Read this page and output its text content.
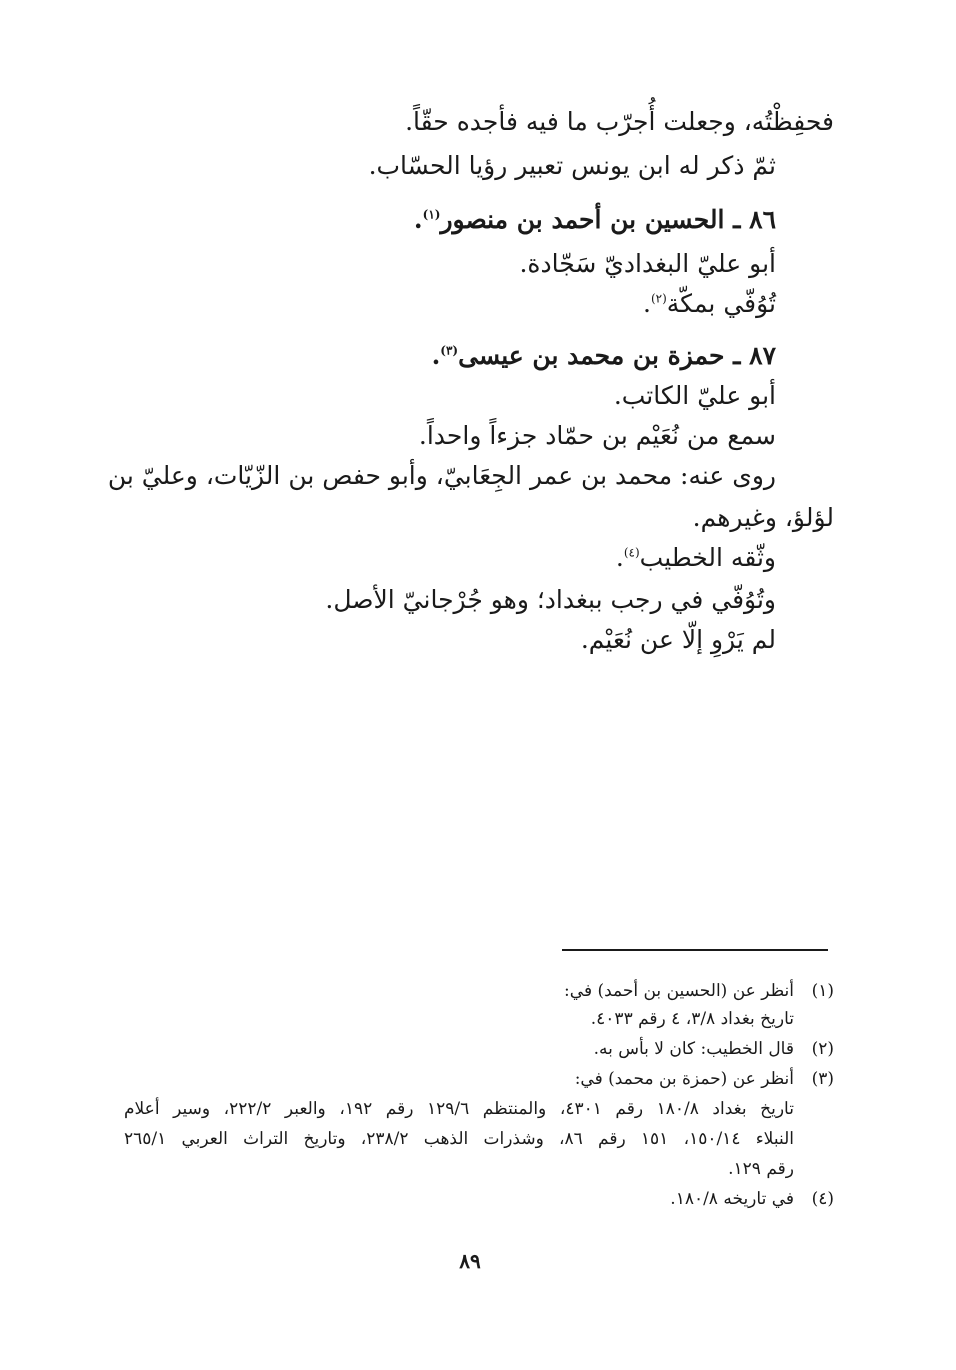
فحفِظْتُه، وجعلت أُجرّب ما فيه فأجده حقّاً.
ثمّ ذكر له ابن يونس تعبير رؤيا الحسّاب.
٨٦ ـ الحسين بن أحمد بن منصور$^{(١)}$.
أبو عليّ البغداديّ سَجّادة.
تُوُفّي بمكّة$^{(٢)}$.
٨٧ ـ حمزة بن محمد بن عيسى$^{(٣)}$.
أبو عليّ الكاتب.
سمع من نُعَيْم بن حمّاد جزءاً واحداً.
روى عنه: محمد بن عمر الجِعَابيّ، وأبو حفص بن الزّيّات، وعليّ بن
لؤلؤ، وغيرهم.
وثّقه الخطيب$^{(٤)}$.
وتُوُفّي في رجب ببغداد؛ وهو جُرْجانيّ الأصل.
لم يَرْوِ إلّا عن نُعَيْم.
(١)أنظر عن (الحسين بن أحمد) في:
تاريخ بغداد ٣/٨، ٤ رقم ٤٠٣٣.
(٢)قال الخطيب: كان لا بأس به.
(٣)أنظر عن (حمزة بن محمد) في:
تاريخ بغداد ١٨٠/٨ رقم ٤٣٠١، والمنتظم ١٢٩/٦ رقم ١٩٢، والعبر ٢٢٢/٢، وسير أعلام
النبلاء ١٥٠/١٤، ١٥١ رقم ٨٦، وشذرات الذهب ٢٣٨/٢، وتاريخ التراث العربي ٢٦٥/١
رقم ١٢٩.
(٤)في تاريخه ١٨٠/٨.
٨٩
